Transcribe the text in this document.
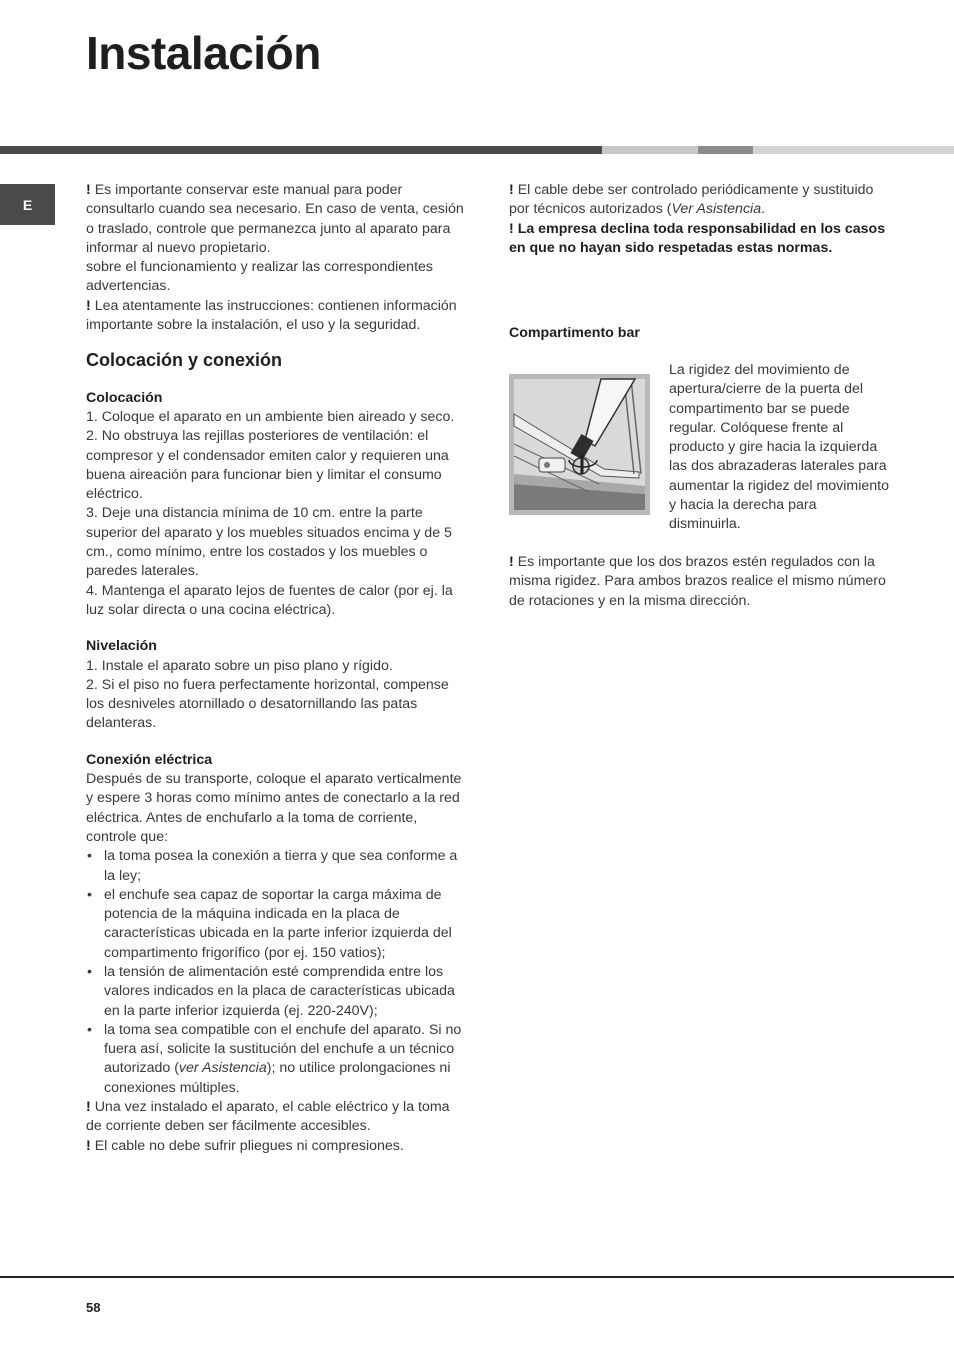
Instalación
E

! Es importante conservar este manual para poder consultarlo cuando sea necesario. En caso de venta, cesión o traslado, controle que permanezca junto al aparato para informar al nuevo propietario.

sobre el funcionamiento y realizar las correspondientes advertencias.

! Lea atentamente las instrucciones: contienen información importante sobre la instalación, el uso y la seguridad.

Colocación y conexión
Colocación

1. Coloque el aparato en un ambiente bien aireado y seco.

2. No obstruya las rejillas posteriores de ventilación: el compresor y el condensador emiten calor y requieren una buena aireación para funcionar bien y limitar el consumo eléctrico.

3. Deje una distancia mínima de 10 cm. entre la parte superior del aparato y los muebles situados encima y de 5 cm., como mínimo, entre los costados y los muebles o paredes laterales.

4. Mantenga el aparato lejos de fuentes de calor (por ej. la luz solar directa o una cocina eléctrica).

Nivelación

1. Instale el aparato sobre un piso plano y rígido.

2. Si el piso no fuera perfectamente horizontal, compense los desniveles atornillado o desatornillando las patas delanteras.

Conexión eléctrica

Después de su transporte, coloque el aparato verticalmente y espere 3 horas como mínimo antes de conectarlo a la red eléctrica. Antes de enchufarlo a la toma de corriente, controle que:

• la toma posea la conexión a tierra y que sea conforme a la ley;
• el enchufe sea capaz de soportar la carga máxima de potencia de la máquina indicada en la placa de características ubicada en la parte inferior izquierda del compartimento frigorífico (por ej. 150 vatios);
• la tensión de alimentación esté comprendida entre los valores indicados en la placa de características ubicada en la parte inferior izquierda (ej. 220-240V);
• la toma sea compatible con el enchufe del aparato. Si no fuera así, solicite la sustitución del enchufe a un técnico autorizado (ver Asistencia); no utilice prolongaciones ni conexiones múltiples.

! Una vez instalado el aparato, el cable eléctrico y la toma de corriente deben ser fácilmente accesibles.

! El cable no debe sufrir pliegues ni compresiones.

! El cable debe ser controlado periódicamente y sustituido por técnicos autorizados (Ver Asistencia.

! La empresa declina toda responsabilidad en los casos en que no hayan sido respetadas estas normas.

Compartimento bar

La rigidez del movimiento de apertura/cierre de la puerta del compartimento bar se puede regular. Colóquese frente al producto y gire hacia la izquierda las dos abrazaderas laterales para aumentar la rigidez del movimiento y hacia la derecha para disminuirla.

! Es importante que los dos brazos estén regulados con la misma rigidez. Para ambos brazos realice el mismo número de rotaciones y en la misma dirección.

58
